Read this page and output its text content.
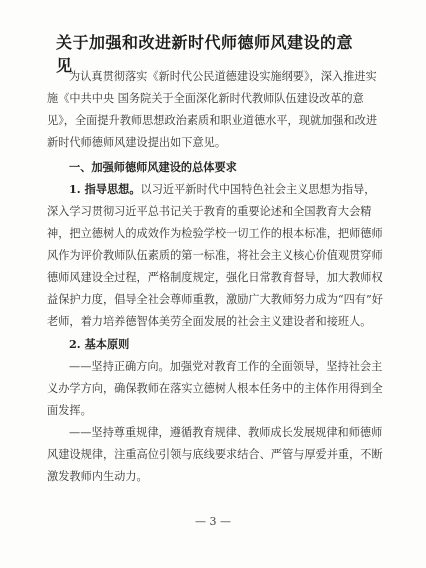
关于加强和改进新时代师德师风建设的意见

为认真贯彻落实《新时代公民道德建设实施纲要》，深入推进实施《中共中央 国务院关于全面深化新时代教师队伍建设改革的意见》，全面提升教师思想政治素质和职业道德水平，现就加强和改进新时代师德师风建设提出如下意见。

一、加强师德师风建设的总体要求

1. 指导思想。以习近平新时代中国特色社会主义思想为指导，深入学习贯彻习近平总书记关于教育的重要论述和全国教育大会精神，把立德树人的成效作为检验学校一切工作的根本标准，把师德师风作为评价教师队伍素质的第一标准，将社会主义核心价值观贯穿师德师风建设全过程，严格制度规定，强化日常教育督导，加大教师权益保护力度，倡导全社会尊师重教，激励广大教师努力成为“四有”好老师，着力培养德智体美劳全面发展的社会主义建设者和接班人。

2. 基本原则

——坚持正确方向。加强党对教育工作的全面领导，坚持社会主义办学方向，确保教师在落实立德树人根本任务中的主体作用得到全面发挥。

——坚持尊重规律，遵循教育规律、教师成长发展规律和师德师风建设规律，注重高位引领与底线要求结合、严管与厚爱并重，不断激发教师内生动力。

— 3 —
